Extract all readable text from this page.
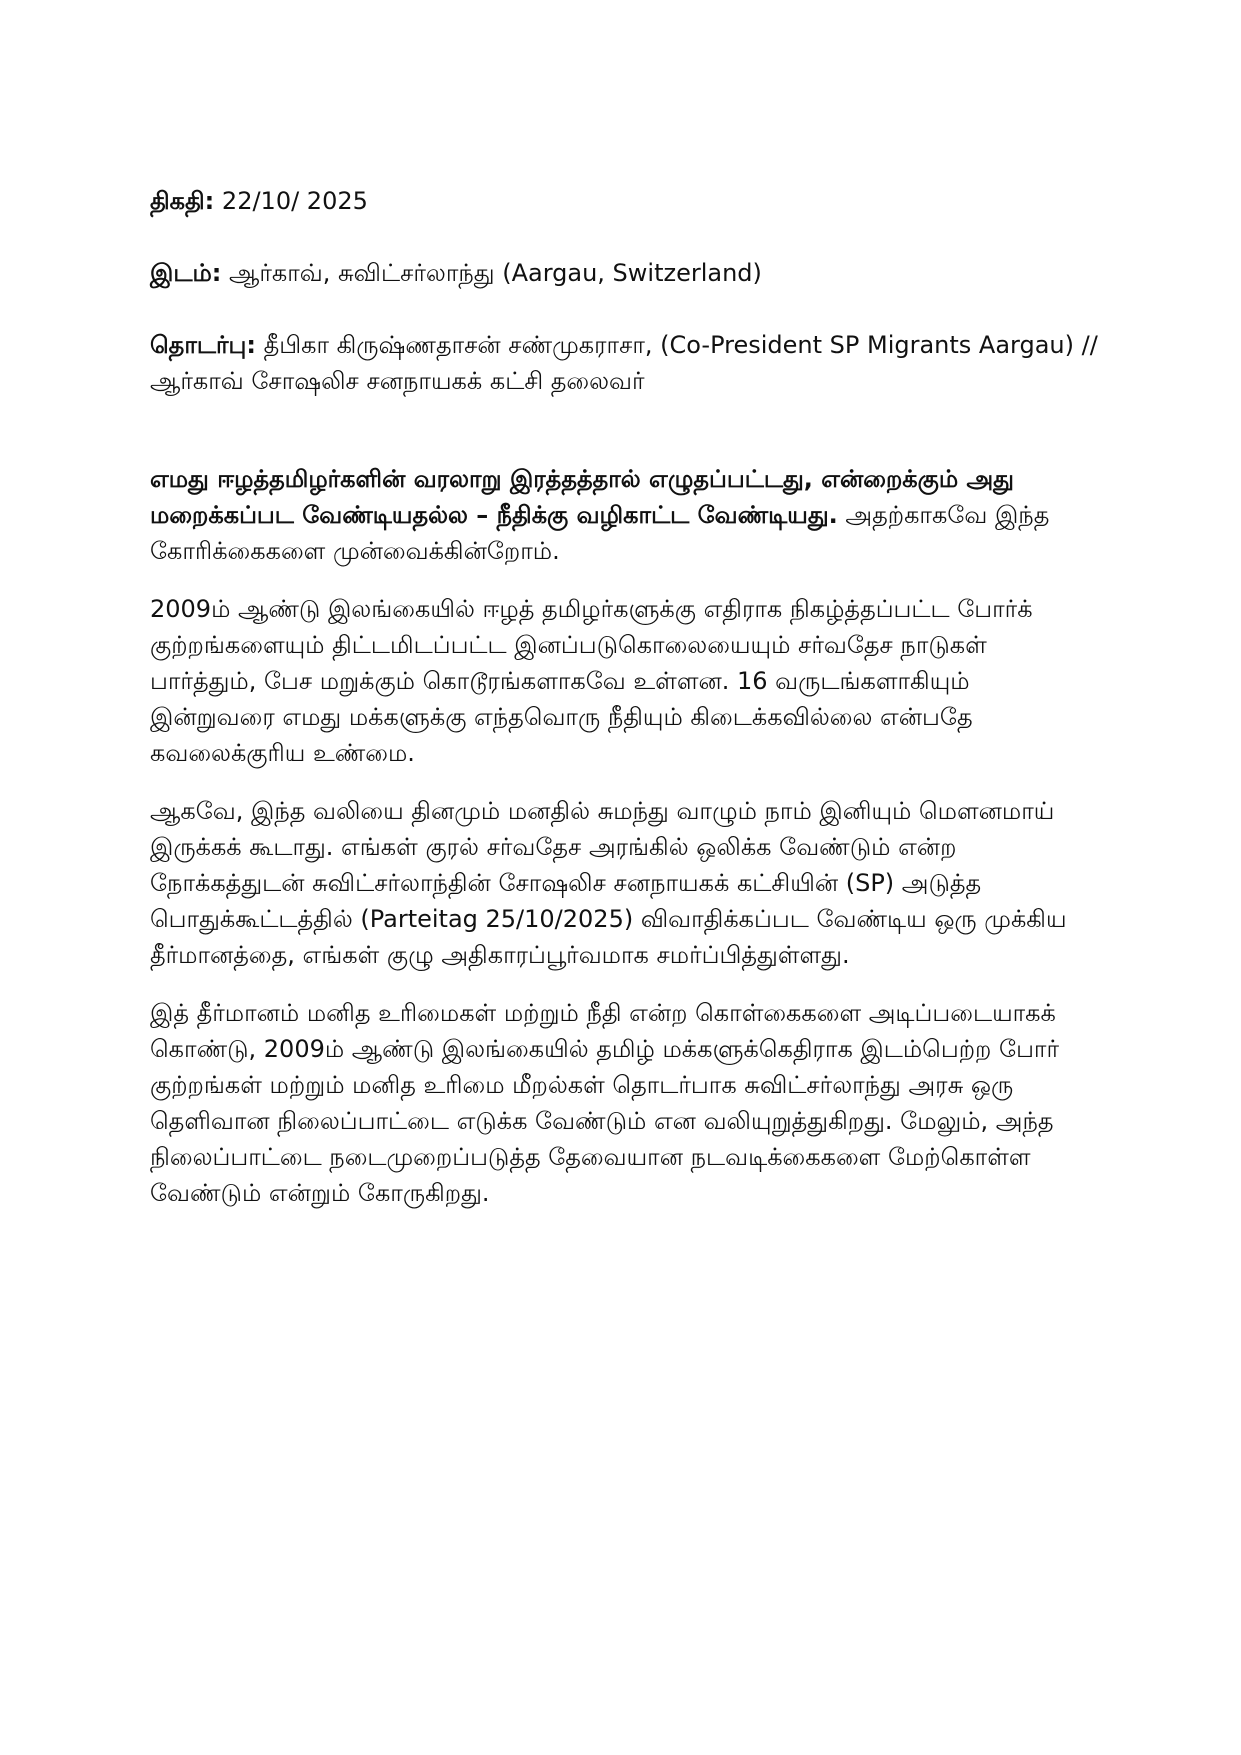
திகதி: 22/10/ 2025

இடம்: ஆர்காவ், சுவிட்சர்லாந்து (Aargau, Switzerland)

தொடர்பு: தீபிகா கிருஷ்ணதாசன் சண்முகராசா, (Co-President SP Migrants Aargau) //ஆர்காவ் சோஷலிச சனநாயகக் கட்சி தலைவர்

எமது ஈழத்தமிழர்களின் வரலாறு இரத்தத்தால் எழுதப்பட்டது, என்றைக்கும் அது மறைக்கப்பட வேண்டியதல்ல – நீதிக்கு வழிகாட்ட வேண்டியது. அதற்காகவே இந்த கோரிக்கைகளை முன்வைக்கின்றோம்.

2009ம் ஆண்டு இலங்கையில் ஈழத் தமிழர்களுக்கு எதிராக நிகழ்த்தப்பட்ட போர்க் குற்றங்களையும் திட்டமிடப்பட்ட இனப்படுகொலையையும் சர்வதேச நாடுகள் பார்த்தும், பேச மறுக்கும் கொடூரங்களாகவே உள்ளன. 16 வருடங்களாகியும் இன்றுவரை எமது மக்களுக்கு எந்தவொரு நீதியும் கிடைக்கவில்லை என்பதே கவலைக்குரிய உண்மை.

ஆகவே, இந்த வலியை தினமும் மனதில் சுமந்து வாழும் நாம் இனியும் மௌனமாய் இருக்கக் கூடாது. எங்கள் குரல் சர்வதேச அரங்கில் ஒலிக்க வேண்டும் என்ற நோக்கத்துடன் சுவிட்சர்லாந்தின் சோஷலிச சனநாயகக் கட்சியின் (SP) அடுத்த பொதுக்கூட்டத்தில் (Parteitag 25/10/2025) விவாதிக்கப்பட வேண்டிய ஒரு முக்கிய தீர்மானத்தை, எங்கள் குழு அதிகாரப்பூர்வமாக சமர்ப்பித்துள்ளது.

இத் தீர்மானம் மனித உரிமைகள் மற்றும் நீதி என்ற கொள்கைகளை அடிப்படையாகக் கொண்டு, 2009ம் ஆண்டு இலங்கையில் தமிழ் மக்களுக்கெதிராக இடம்பெற்ற போர் குற்றங்கள் மற்றும் மனித உரிமை மீறல்கள் தொடர்பாக சுவிட்சர்லாந்து அரசு ஒரு தெளிவான நிலைப்பாட்டை எடுக்க வேண்டும் என வலியுறுத்துகிறது. மேலும், அந்த நிலைப்பாட்டை நடைமுறைப்படுத்த தேவையான நடவடிக்கைகளை மேற்கொள்ள வேண்டும் என்றும் கோருகிறது.
